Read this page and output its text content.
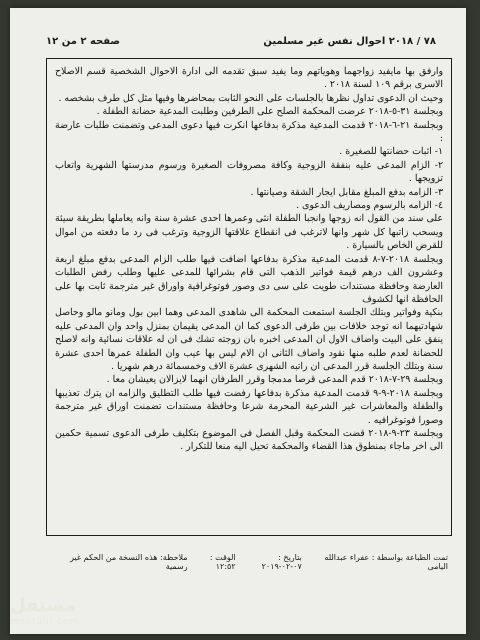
٧٨ / ٢٠١٨ احوال نفس غير مسلمين
صفحه ٢ من ١٢

وارفق بها مايفيد زواجهما وهوياتهم وما يفيد سبق تقدمه الى ادارة الاحوال الشخصية قسم الاصلاح الاسرى برقم ١٠٩ لسنة ٢٠١٨ .

وحيث ان الدعوى تداول نظرها بالجلسات على النحو الثابت بمحاضرها وفيها مثل كل طرف بشخصه .

وبجلسة ٣١-٥-٢٠١٨ عرضت المحكمة الصلح على الطرفين وطلبت المدعية حضانة الطفلة .

وبجلسة ٢١-٦-٢٠١٨ قدمت المدعية مذكرة بدفاعها انكرت فيها دعوى المدعى وتضمنت طلبات عارضة :

١- اثبات حضانتها للصغيرة .

٢- الزام المدعى عليه بنفقة الزوجية وكافة مصروفات الصغيرة ورسوم مدرستها الشهرية واتعاب تزويجها .

٣- الزامه بدفع المبلغ مقابل ايجار الشقة وصيانتها .

٤- الزامه بالرسوم ومصاريف الدعوى .

على سند من القول انه زوجها وانجبا الطفلة انثى وعمرها احدى عشرة سنة وانه يعاملها بطريقة سيئة ويسحب زاتبها كل شهر وانها لاترغب فى انقطاع علاقتها الزوجية وترغب فى رد ما دفعته من اموال للقرض الخاص بالسيارة .

وبجلسة ٢٠١٨-٧-٨ قدمت المدعية مذكرة بدفاعها اضافت فيها طلب الزام المدعى بدفع مبلغ اربعة وعشرون الف درهم قيمة فواتير الذهب التى قام بشرائها للمدعى عليها وطلب رفض الطلبات العارضة وحافظة مستندات طويت على سى دى وصور فوتوغرافية واوراق غير مترجمة ثابت بها على الحافظة انها لكشوف

بنكية وفواتير وبتلك الجلسة استمعت المحكمة الى شاهدى المدعى وهما ابين بول ومانو مالو وحاصل شهادتيهما انه توجد خلافات بين طرفى الدعوى كما ان المدعى يقيمان بمنزل واحد وان المدعى عليه ينفق على البيت واضاف الاول ان المدعى اخبره بان زوجته تشك فى ان له علاقات نسائية وانه لاصلح للحضانة لعدم طلبه منها نقود واضاف الثانى ان الام ليس بها عيب وان الطفلة عمرها احدى عشرة سنة وبتلك الجلسة قرر المدعى ان راتبه الشهرى عشرة الاف وخمسمائة درهم شهريا .

وبجلسة ٢٩-٧-٢٠١٨ قدم المدعى قرصا مدمجا وقرر الطرفان انهما لايزالان يعيشان معا .

وبجلسة ٢٠١٨-٩-٩ قدمت المدعية مذكرة بدفاعها رفضت فيها طلب التطليق والزامه ان يترك تعذيبها والطفلة والمعاشرات غير الشرعية المحرمة شرعا وحافظة مستندات تضمنت اوراق غير مترجمة وصورا فوتوغرافيه .

وبجلسة ٢٣-٩-٢٠١٨ قضت المحكمة وقبل الفصل فى الموضوع بتكليف طرفى الدعوى تسمية حكمين الى اخر ماجاء بمنطوق هذا القضاء والمحكمة تحيل اليه منعا للتكرار .

تمت الطباعة بواسطة : عفراء عبدالله اليامى
بتاريخ : ٠٧-٠٢-٢٠١٩
الوقت : ١٢:٥٢
ملاحظة: هذه النسخة من الحكم غير رسمية
مستقل
mostaql.com
